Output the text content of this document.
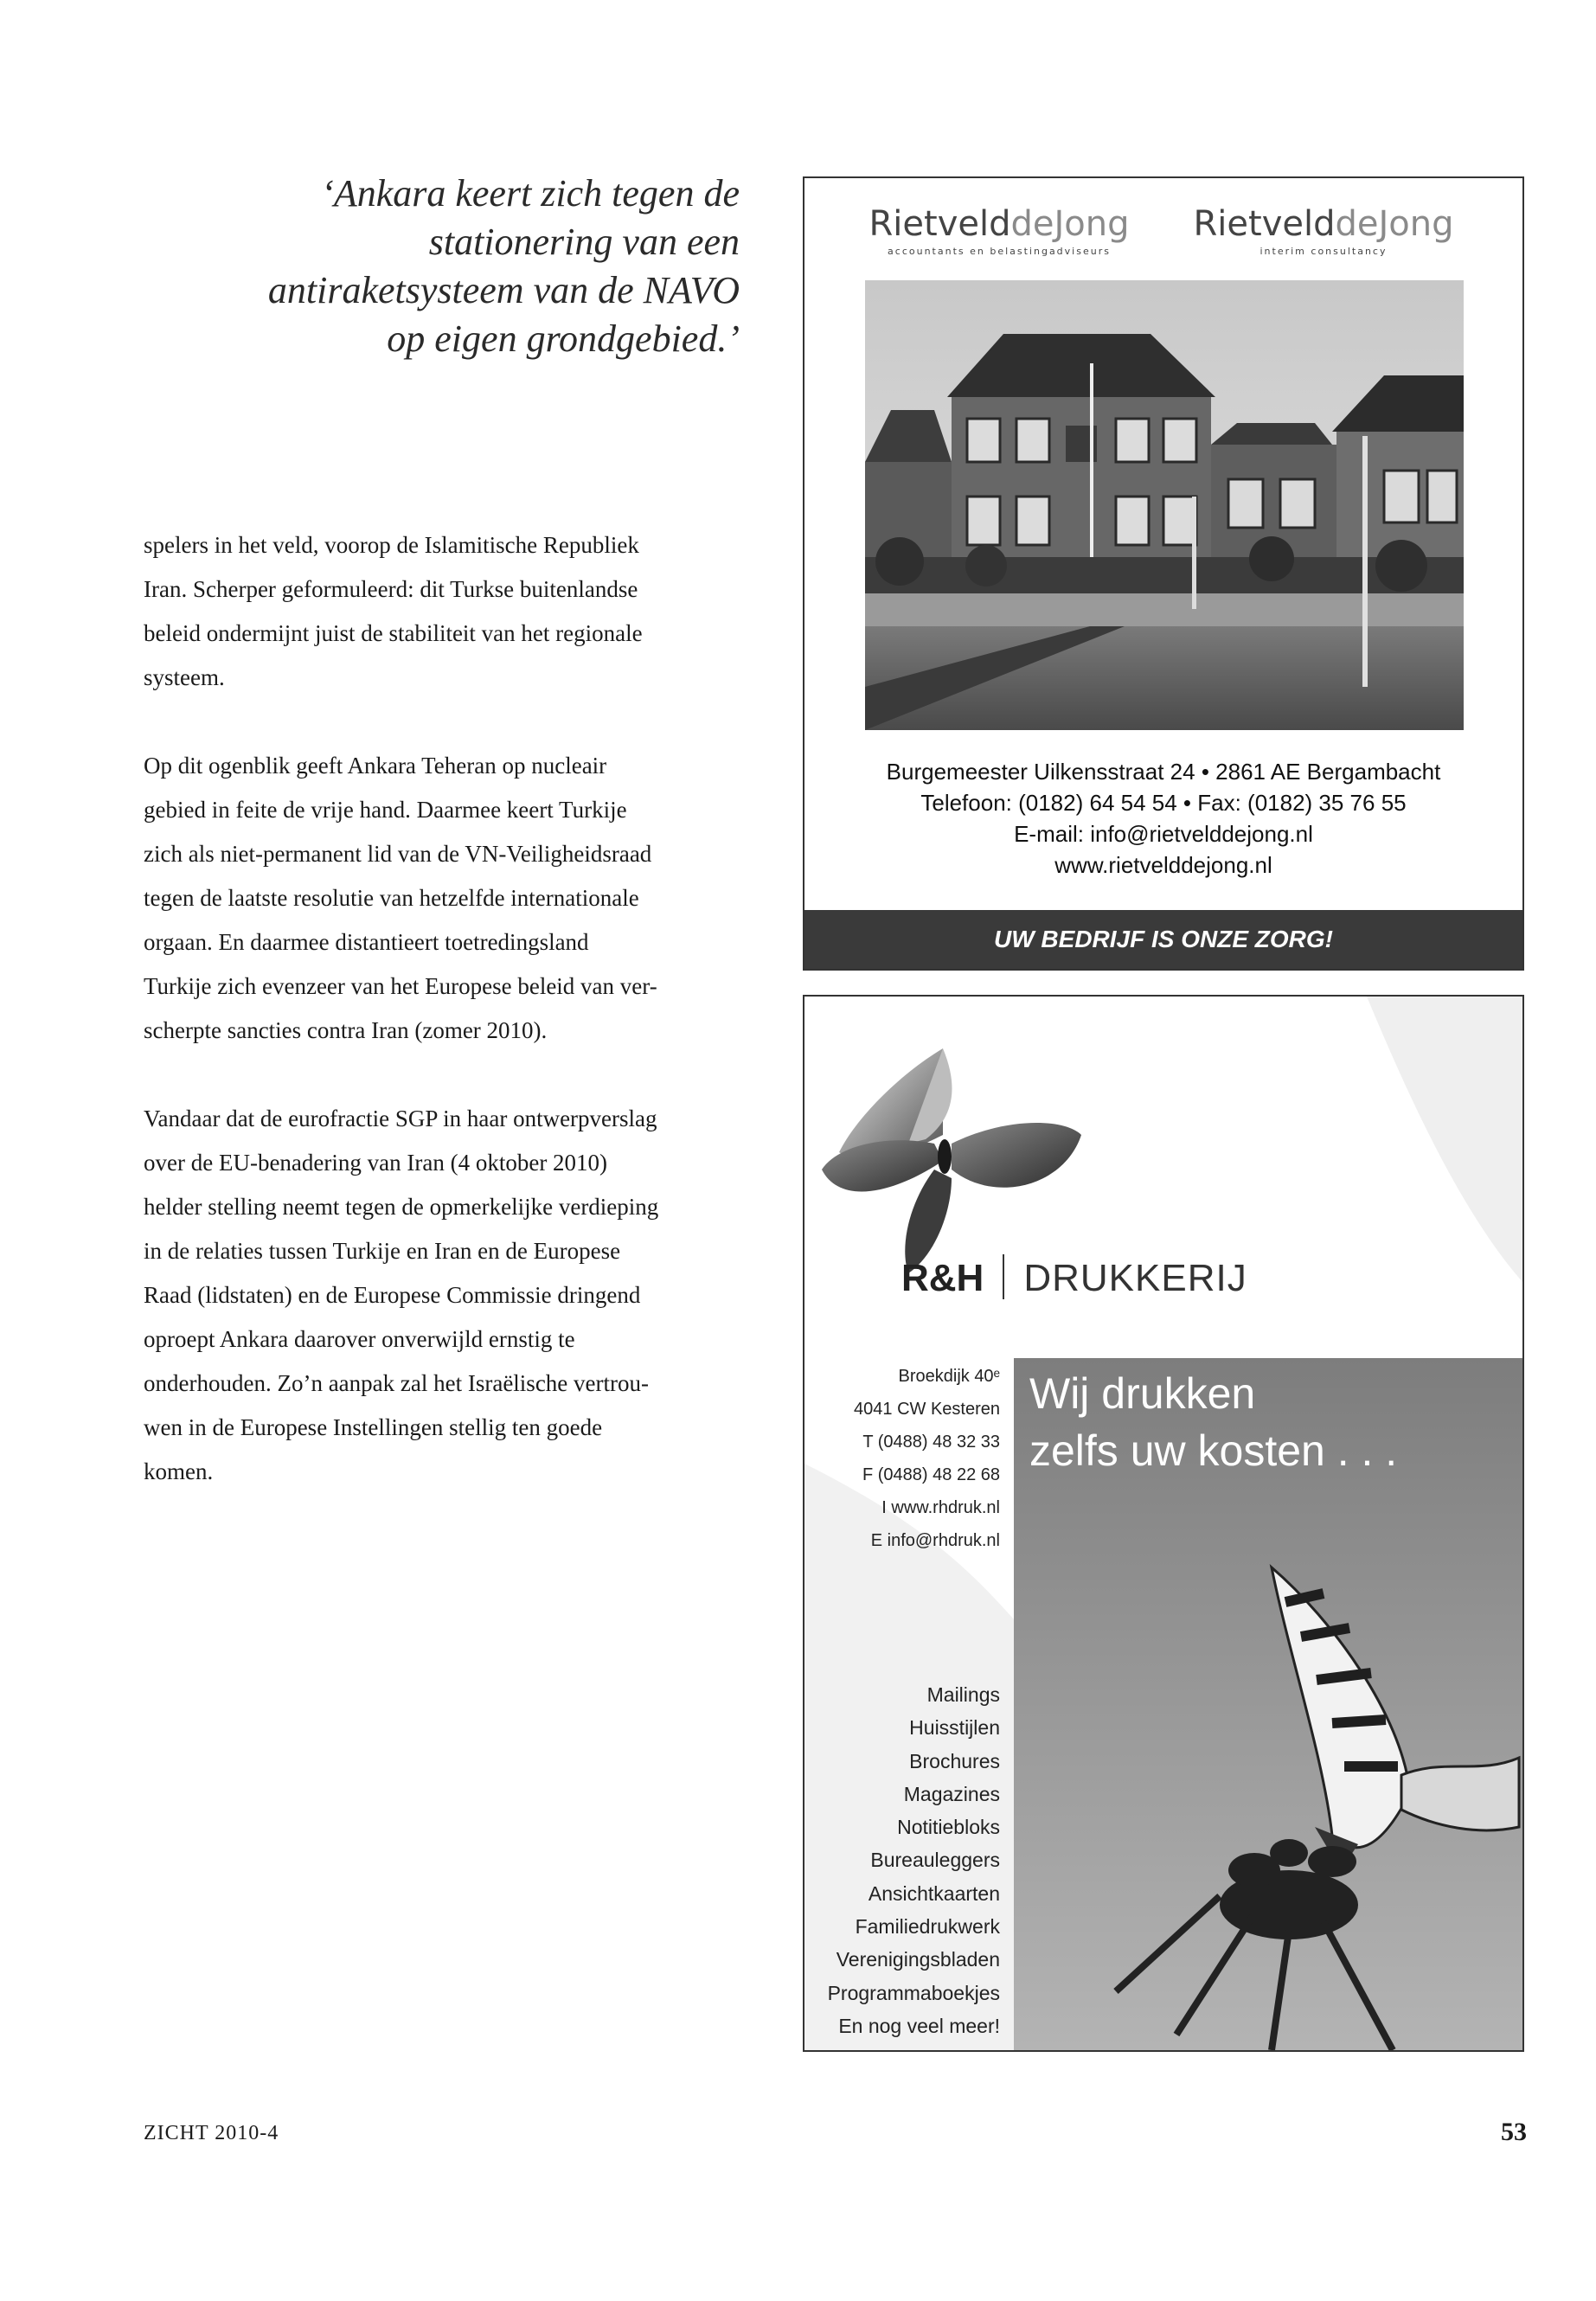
‘Ankara keert zich tegen de
stationering van een
antiraketsysteem van de NAVO
op eigen grondgebied.’
spelers in het veld, voorop de Islamitische Republiek
Iran. Scherper geformuleerd: dit Turkse buitenlandse
beleid ondermijnt juist de stabiliteit van het regionale
systeem.
Op dit ogenblik geeft Ankara Teheran op nucleair
gebied in feite de vrije hand. Daarmee keert Turkije
zich als niet-permanent lid van de VN-Veiligheidsraad
tegen de laatste resolutie van hetzelfde internationale
orgaan. En daarmee distantieert toetredingsland
Turkije zich evenzeer van het Europese beleid van ver-
scherpte sancties contra Iran (zomer 2010).
Vandaar dat de eurofractie SGP in haar ontwerpverslag
over de EU-benadering van Iran (4 oktober 2010)
helder stelling neemt tegen de opmerkelijke verdieping
in de relaties tussen Turkije en Iran en de Europese
Raad (lidstaten) en de Europese Commissie dringend
oproept Ankara daarover onverwijld ernstig te
onderhouden. Zo’n aanpak zal het Israëlische vertrou-
wen in de Europese Instellingen stellig ten goede
komen.
RietvelddeJong
accountants en belastingadviseurs
RietvelddeJong
interim consultancy
Burgemeester Uilkensstraat 24 • 2861 AE Bergambacht
Telefoon: (0182) 64 54 54 • Fax: (0182) 35 76 55
E-mail: info@rietvelddejong.nl
www.rietvelddejong.nl
UW BEDRIJF IS ONZE ZORG!
R&H DRUKKERIJ
Broekdijk 40ᵉ
4041 CW Kesteren
T (0488) 48 32 33
F (0488) 48 22 68
I www.rhdruk.nl
E info@rhdruk.nl
Wij drukken
zelfs uw kosten . . .
Mailings
Huisstijlen
Brochures
Magazines
Notitiebloks
Bureauleggers
Ansichtkaarten
Familiedrukwerk
Verenigingsbladen
Programmaboekjes
En nog veel meer!
ZICHT 2010-4	53
